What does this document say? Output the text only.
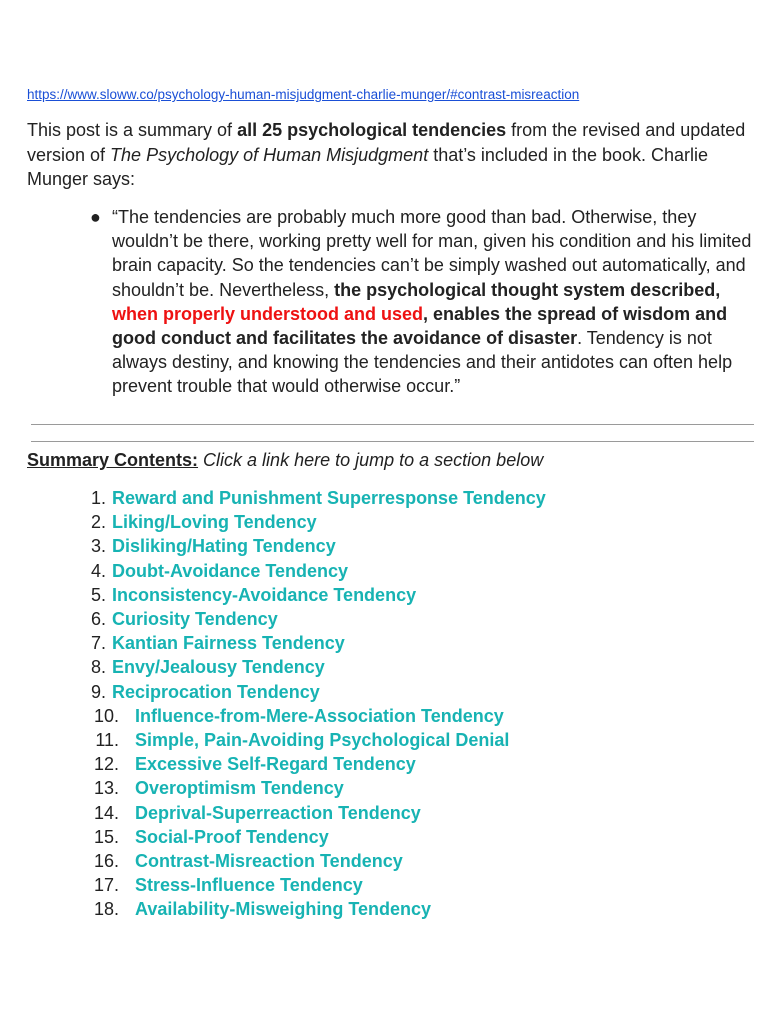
https://www.sloww.co/psychology-human-misjudgment-charlie-munger/#contrast-misreaction
This post is a summary of all 25 psychological tendencies from the revised and updated version of The Psychology of Human Misjudgment that’s included in the book. Charlie Munger says:
● “The tendencies are probably much more good than bad. Otherwise, they wouldn’t be there, working pretty well for man, given his condition and his limited brain capacity. So the tendencies can’t be simply washed out automatically, and shouldn’t be. Nevertheless, the psychological thought system described, when properly understood and used, enables the spread of wisdom and good conduct and facilitates the avoidance of disaster. Tendency is not always destiny, and knowing the tendencies and their antidotes can often help prevent trouble that would otherwise occur.”
Summary Contents: Click a link here to jump to a section below
1. Reward and Punishment Superresponse Tendency
2. Liking/Loving Tendency
3. Disliking/Hating Tendency
4. Doubt-Avoidance Tendency
5. Inconsistency-Avoidance Tendency
6. Curiosity Tendency
7. Kantian Fairness Tendency
8. Envy/Jealousy Tendency
9. Reciprocation Tendency
10. Influence-from-Mere-Association Tendency
11. Simple, Pain-Avoiding Psychological Denial
12. Excessive Self-Regard Tendency
13. Overoptimism Tendency
14. Deprival-Superreaction Tendency
15. Social-Proof Tendency
16. Contrast-Misreaction Tendency
17. Stress-Influence Tendency
18. Availability-Misweighing Tendency
